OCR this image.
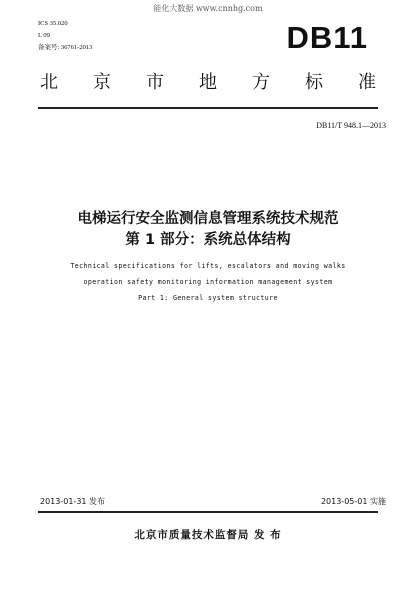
能化大数据 www.cnnhg.com
ICS 35.020
L 09
备案号: 36761-2013	DB11
北 京 市 地 方 标 准
DB11/T 948.1—2013
电梯运行安全监测信息管理系统技术规范
第 1 部分：系统总体结构
Technical specifications for lifts, escalators and moving walks
operation safety monitoring information management system
Part 1: General system structure
2013-01-31 发布	2013-05-01 实施
北京市质量技术监督局 发 布
